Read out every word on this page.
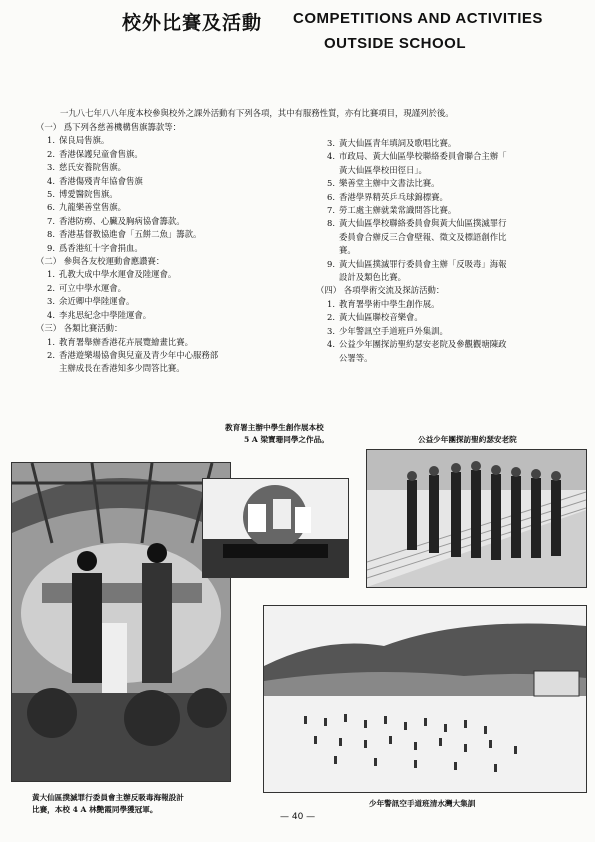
校外比賽及活動 COMPETITIONS AND ACTIVITIES
OUTSIDE SCHOOL
一九八七年八八年度本校參與校外之課外活動有下列各項，其中有服務性質，亦有比賽項目，現謹列於後。
（一） 爲下列各慈善機構售旗籌款等：
1. 保良局售旗。
2. 香港保護兒童會售旗。
3. 慈氏安養院售旗。
4. 香港傷殘青年協會售旗
5. 博愛醫院售旗。
6. 九龍樂善堂售旗。
7. 香港防癆、心臟及胸病協會籌款。
8. 香港基督教協進會「五餅二魚」籌款。
9. 爲香港紅十字會捐血。
（二） 參與各友校運動會應讚賽：
1. 孔教大成中學水運會及陸運會。
2. 可立中學水運會。
3. 余近卿中學陸運會。
4. 李兆思紀念中學陸運會。
（三） 各類比賽活動：
1. 教育署舉辦香港花卉展覽繪畫比賽。
2. 香港遊樂場協會與兒童及青少年中心服務部
主辦成長在香港知多少問答比賽。
3. 黃大仙區青年填詞及歌唱比賽。
4. 市政局、黃大仙區學校聯絡委員會聯合主辦「
黃大仙區學校田徑日」。
5. 樂善堂主辦中文書法比賽。
6. 香港學界精英乒乓球錦標賽。
7. 勞工處主辦就業常識問答比賽。
8. 黃大仙區學校聯絡委員會與黃大仙區撲滅罪行
委員會合辦反三合會壁報、徵文及標語創作比
賽。
9. 黃大仙區撲滅罪行委員會主辦「反吸毒」海報
設計及類色比賽。
（四） 各項學術交流及探訪活動：
1. 教育署學術中學生創作展。
2. 黃大仙區聯校音樂會。
3. 少年警訊空手道班戶外集訓。
4. 公益少年團探訪聖約瑟安老院及參觀觀塘陳政
公署等。
教育署主辦中學生創作展本校
5 A 梁寶珊同學之作品。	公益少年團探訪聖約瑟安老院
黃大仙區撲滅罪行委員會主辦反吸毒海報設計
比賽，本校 4 A 林艷霞同學獲冠軍。
少年警訊空手道班清水灣大集訓
— 40 —
